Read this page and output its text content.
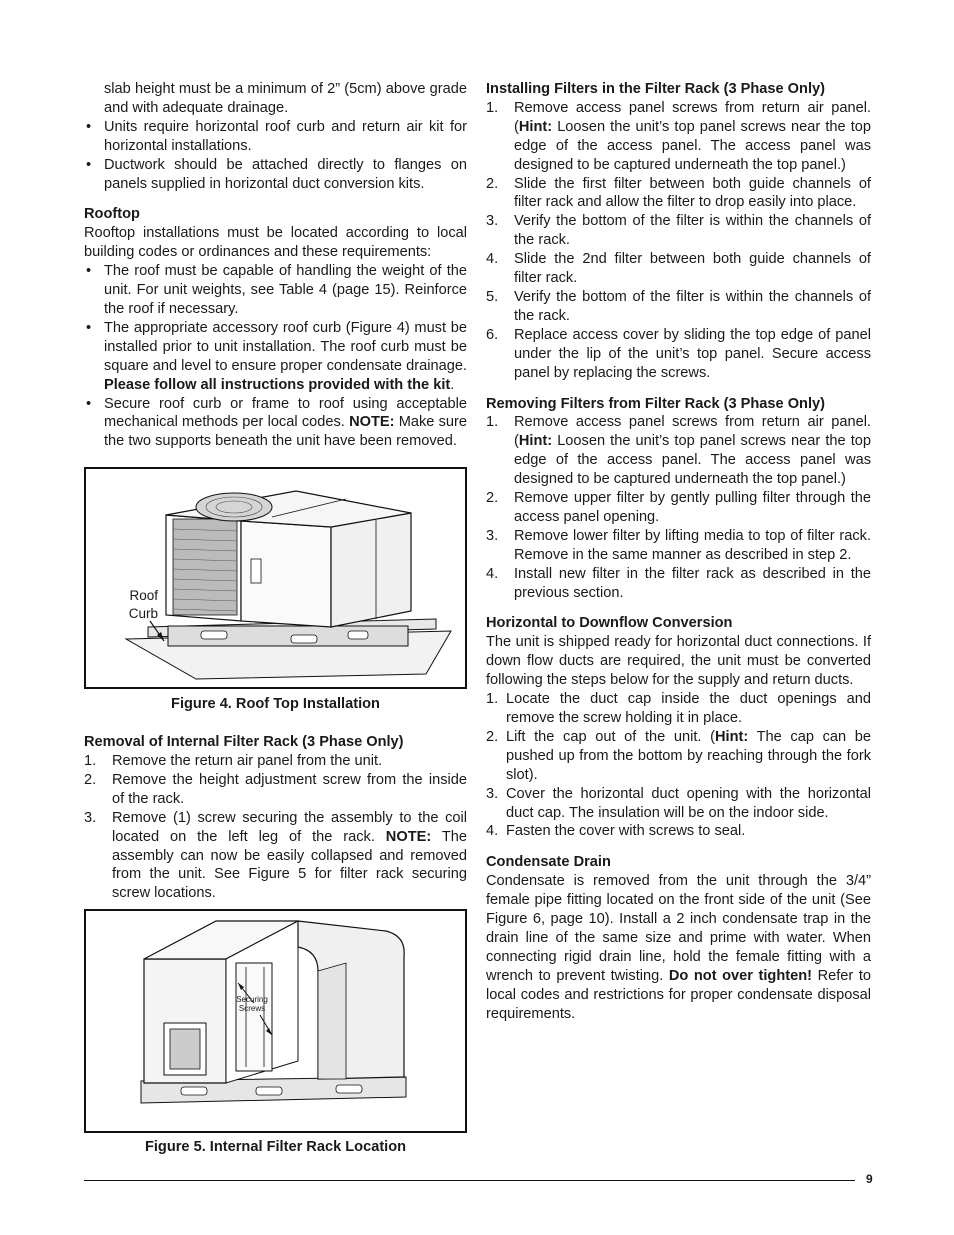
slab height must be a minimum of 2” (5cm) above grade and with adequate drainage.

• Units require horizontal roof curb and return air kit for horizontal installations.
• Ductwork should be attached directly to flanges on panels supplied in horizontal duct conversion kits.

Rooftop

Rooftop installations must be located according to local building codes or ordinances and these requirements:

• The roof must be capable of handling the weight of the unit. For unit weights, see Table 4 (page 15). Reinforce the roof if necessary.
• The appropriate accessory roof curb (Figure 4) must be installed prior to unit installation. The roof curb must be square and level to ensure proper condensate drainage. Please follow all instructions provided with the kit.
• Secure roof curb or frame to roof using acceptable mechanical methods per local codes. NOTE: Make sure the two supports beneath the unit have been removed.
Roof
Curb

Figure 4. Roof Top Installation

Removal of Internal Filter Rack (3 Phase Only)

1. Remove the return air panel from the unit.
2. Remove the height adjustment screw from the inside of the rack.
3. Remove (1) screw securing the assembly to the coil located on the left leg of the rack. NOTE: The assembly can now be easily collapsed and removed from the unit. See Figure 5 for filter rack securing screw locations.
Securing
Screws

Figure 5. Internal Filter Rack Location

Installing Filters in the Filter Rack (3 Phase Only)

1. Remove access panel screws from return air panel. (Hint: Loosen the unit’s top panel screws near the top edge of the access panel. The access panel was designed to be captured underneath the top panel.)
2. Slide the first filter between both guide channels of filter rack and allow the filter to drop easily into place.
3. Verify the bottom of the filter is within the channels of the rack.
4. Slide the 2nd filter between both guide channels of filter rack.
5. Verify the bottom of the filter is within the channels of the rack.
6. Replace access cover by sliding the top edge of panel under the lip of the unit’s top panel. Secure access panel by replacing the screws.

Removing Filters from Filter Rack (3 Phase Only)

1. Remove access panel screws from return air panel. (Hint: Loosen the unit’s top panel screws near the top edge of the access panel. The access panel was designed to be captured underneath the top panel.)
2. Remove upper filter by gently pulling filter through the access panel opening.
3. Remove lower filter by lifting media to top of filter rack. Remove in the same manner as described in step 2.
4. Install new filter in the filter rack as described in the previous section.

Horizontal to Downflow Conversion

The unit is shipped ready for horizontal duct connections. If down flow ducts are required, the unit must be converted following the steps below for the supply and return ducts.

1. Locate the duct cap inside the duct openings and remove the screw holding it in place.
2. Lift the cap out of the unit. (Hint: The cap can be pushed up from the bottom by reaching through the fork slot).
3. Cover the horizontal duct opening with the horizontal duct cap. The insulation will be on the indoor side.
4. Fasten the cover with screws to seal.

Condensate Drain

Condensate is removed from the unit through the 3/4” female pipe fitting located on the front side of the unit (See Figure 6, page 10). Install a 2 inch condensate trap in the drain line of the same size and prime with water. When connecting rigid drain line, hold the female fitting with a wrench to prevent twisting. Do not over tighten! Refer to local codes and restrictions for proper condensate disposal requirements.

9
